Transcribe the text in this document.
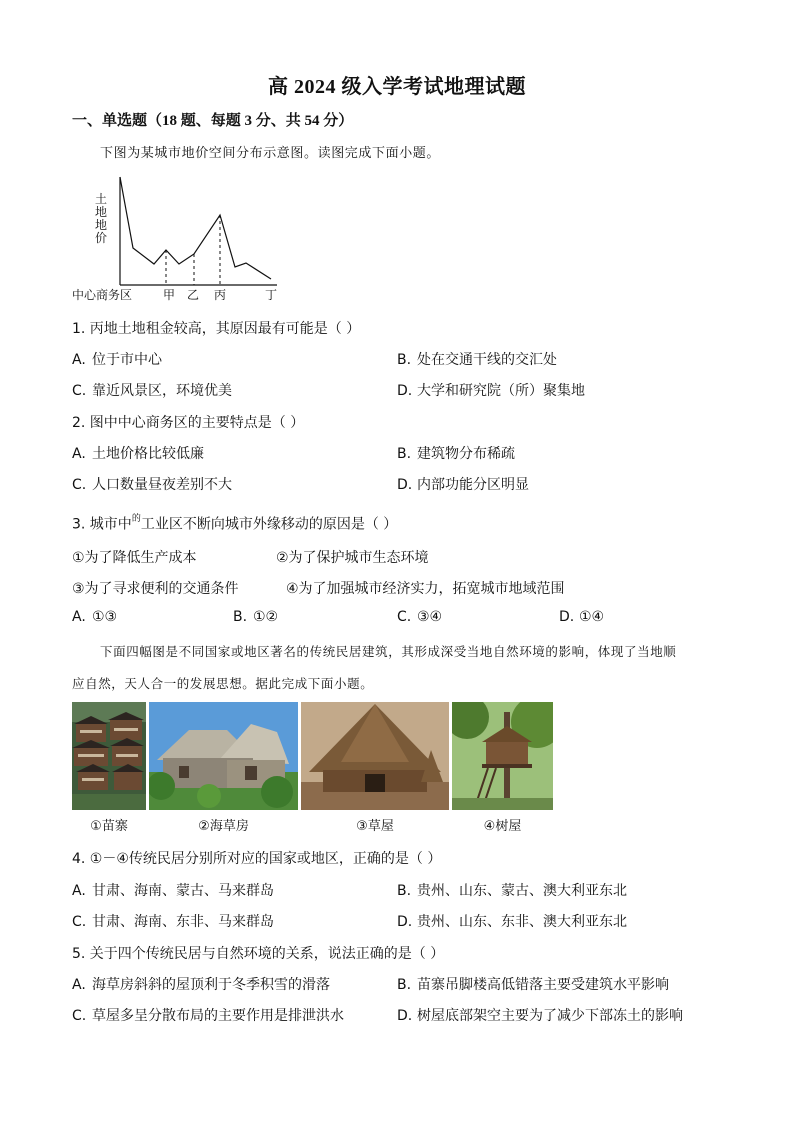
高 2024 级入学考试地理试题
一、单选题（18 题、每题 3 分、共 54 分）
下图为某城市地价空间分布示意图。读图完成下面小题。
土
地
地
价
中心商务区	甲 乙 丙	丁
1. 丙地土地租金较高，其原因最有可能是（ ）
A. 位于市中心	B. 处在交通干线的交汇处
C. 靠近风景区，环境优美	D. 大学和研究院（所）聚集地
2. 图中中心商务区的主要特点是（ ）
A. 土地价格比较低廉	B. 建筑物分布稀疏
C. 人口数量昼夜差别不大	D. 内部功能分区明显
3. 城市中$^的$工业区不断向城市外缘移动的原因是（ ）
①为了降低生产成本	②为了保护城市生态环境
③为了寻求便利的交通条件	④为了加强城市经济实力，拓宽城市地域范围
A. ①③	B. ①②	C. ③④	D. ①④
下面四幅图是不同国家或地区著名的传统民居建筑，其形成深受当地自然环境的影响，体现了当地顺
应自然，天人合一的发展思想。据此完成下面小题。
①苗寨	②海草房	③草屋	④树屋
4. ①－④传统民居分别所对应的国家或地区，正确的是（ ）
A. 甘肃、海南、蒙古、马来群岛	B. 贵州、山东、蒙古、澳大利亚东北
C. 甘肃、海南、东非、马来群岛	D. 贵州、山东、东非、澳大利亚东北
5. 关于四个传统民居与自然环境的关系，说法正确的是（ ）
A. 海草房斜斜的屋顶利于冬季积雪的滑落	B. 苗寨吊脚楼高低错落主要受建筑水平影响
C. 草屋多呈分散布局的主要作用是排泄洪水	D. 树屋底部架空主要为了减少下部冻土的影响
